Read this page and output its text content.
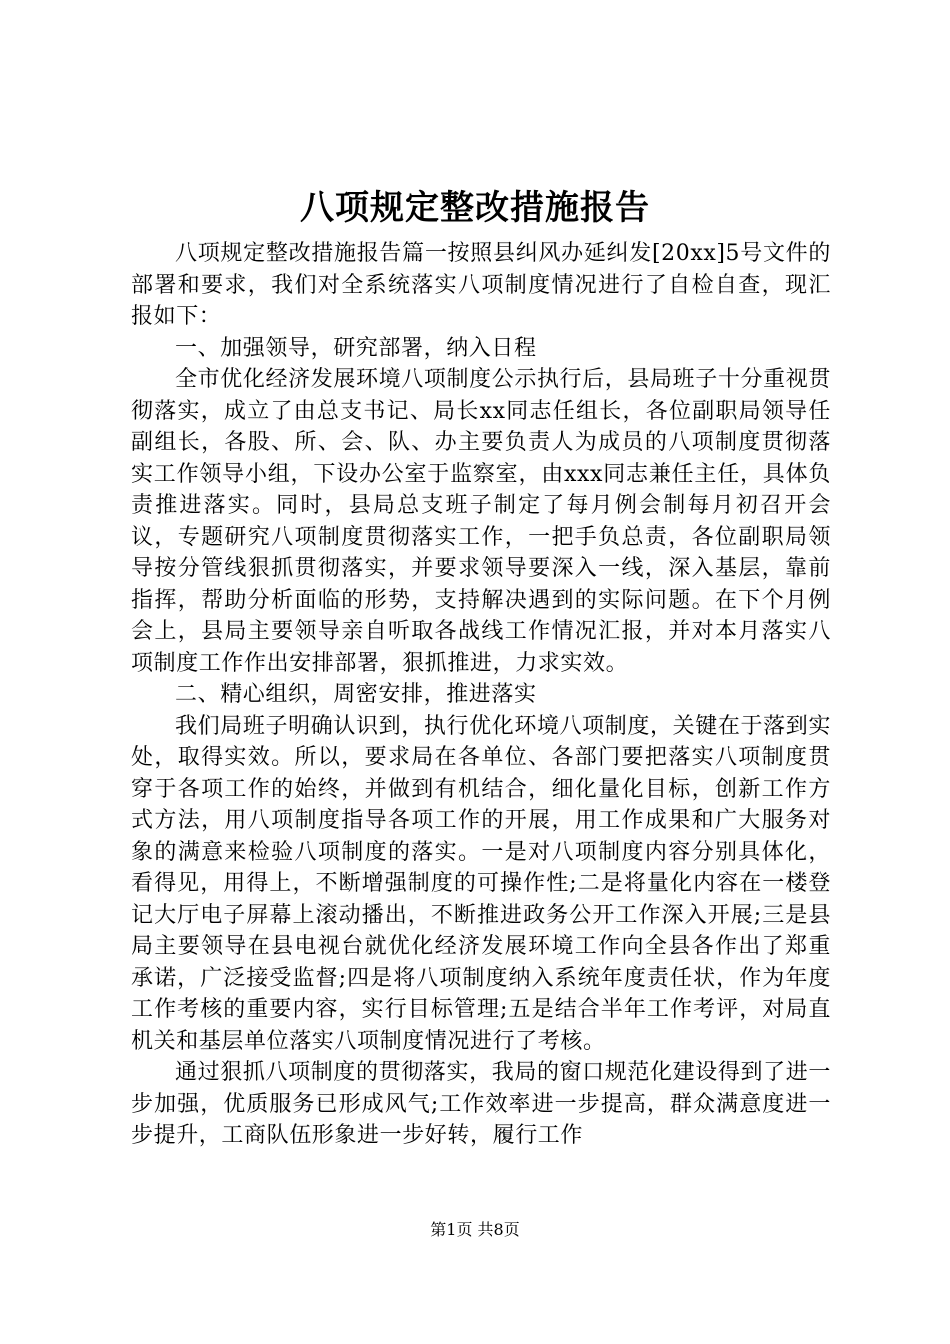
八项规定整改措施报告

八项规定整改措施报告篇一按照县纠风办延纠发[20xx]5号文件的部署和要求，我们对全系统落实八项制度情况进行了自检自查，现汇报如下：

一、加强领导，研究部署，纳入日程

全市优化经济发展环境八项制度公示执行后，县局班子十分重视贯彻落实，成立了由总支书记、局长xx同志任组长，各位副职局领导任副组长，各股、所、会、队、办主要负责人为成员的八项制度贯彻落实工作领导小组，下设办公室于监察室，由xxx同志兼任主任，具体负责推进落实。同时，县局总支班子制定了每月例会制每月初召开会议，专题研究八项制度贯彻落实工作，一把手负总责，各位副职局领导按分管线狠抓贯彻落实，并要求领导要深入一线，深入基层，靠前指挥，帮助分析面临的形势，支持解决遇到的实际问题。在下个月例会上，县局主要领导亲自听取各战线工作情况汇报，并对本月落实八项制度工作作出安排部署，狠抓推进，力求实效。

二、精心组织，周密安排，推进落实

我们局班子明确认识到，执行优化环境八项制度，关键在于落到实处，取得实效。所以，要求局在各单位、各部门要把落实八项制度贯穿于各项工作的始终，并做到有机结合，细化量化目标，创新工作方式方法，用八项制度指导各项工作的开展，用工作成果和广大服务对象的满意来检验八项制度的落实。一是对八项制度内容分别具体化，看得见，用得上，不断增强制度的可操作性;二是将量化内容在一楼登记大厅电子屏幕上滚动播出，不断推进政务公开工作深入开展;三是县局主要领导在县电视台就优化经济发展环境工作向全县各作出了郑重承诺，广泛接受监督;四是将八项制度纳入系统年度责任状，作为年度工作考核的重要内容，实行目标管理;五是结合半年工作考评，对局直机关和基层单位落实八项制度情况进行了考核。

通过狠抓八项制度的贯彻落实，我局的窗口规范化建设得到了进一步加强，优质服务已形成风气;工作效率进一步提高，群众满意度进一步提升，工商队伍形象进一步好转，履行工作

第1页 共8页
